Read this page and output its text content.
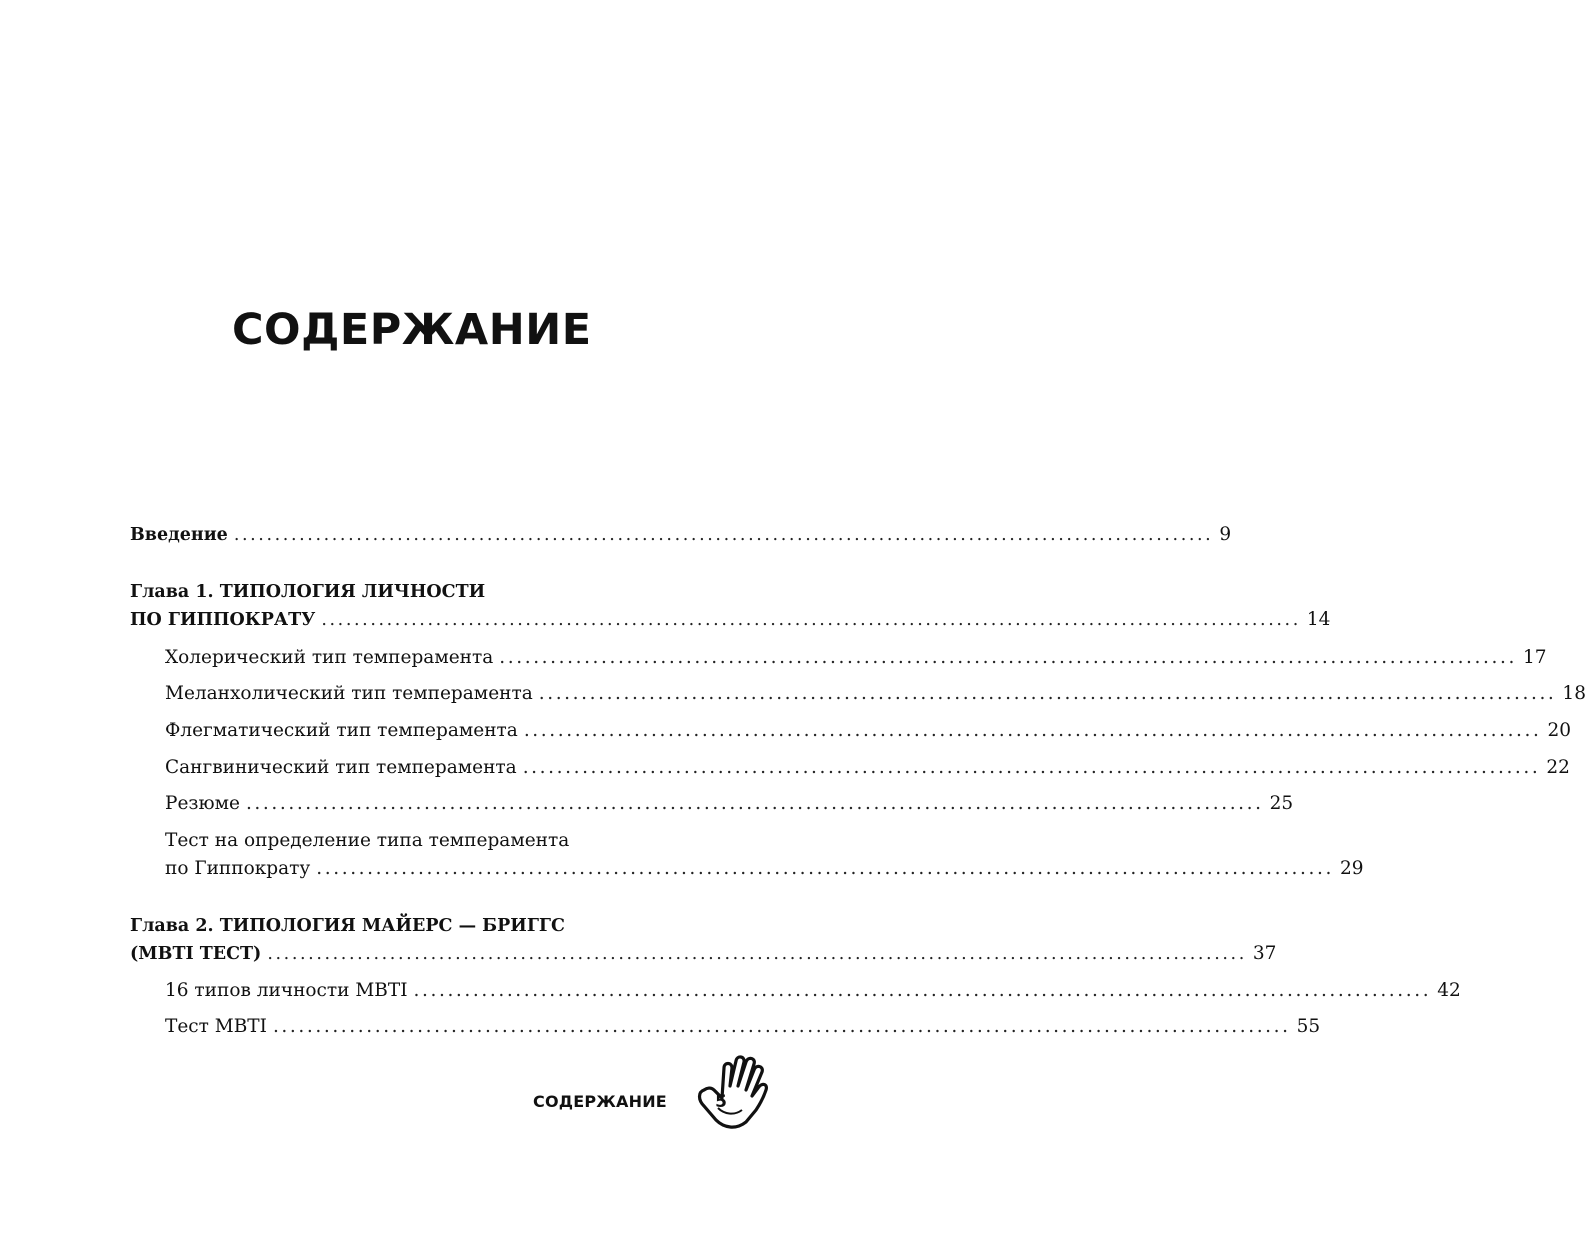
СОДЕРЖАНИЕ
Введение ........................................................................................................................ 9
Глава 1. ТИПОЛОГИЯ ЛИЧНОСТИ
ПО ГИППОКРАТУ ........................................................................................................................ 14
Холерический тип темперамента ........................................................................................................................ 17
Меланхолический тип темперамента ........................................................................................................................ 18
Флегматический тип темперамента ........................................................................................................................ 20
Сангвинический тип темперамента ........................................................................................................................ 22
Резюме ........................................................................................................................ 25
Тест на определение типа темперамента
по Гиппократу ........................................................................................................................ 29
Глава 2. ТИПОЛОГИЯ МАЙЕРС — БРИГГС
(MBTI ТЕСТ) ........................................................................................................................ 37
16 типов личности MBTI ........................................................................................................................ 42
Тест MBTI ........................................................................................................................ 55
СОДЕРЖАНИЕ	5
